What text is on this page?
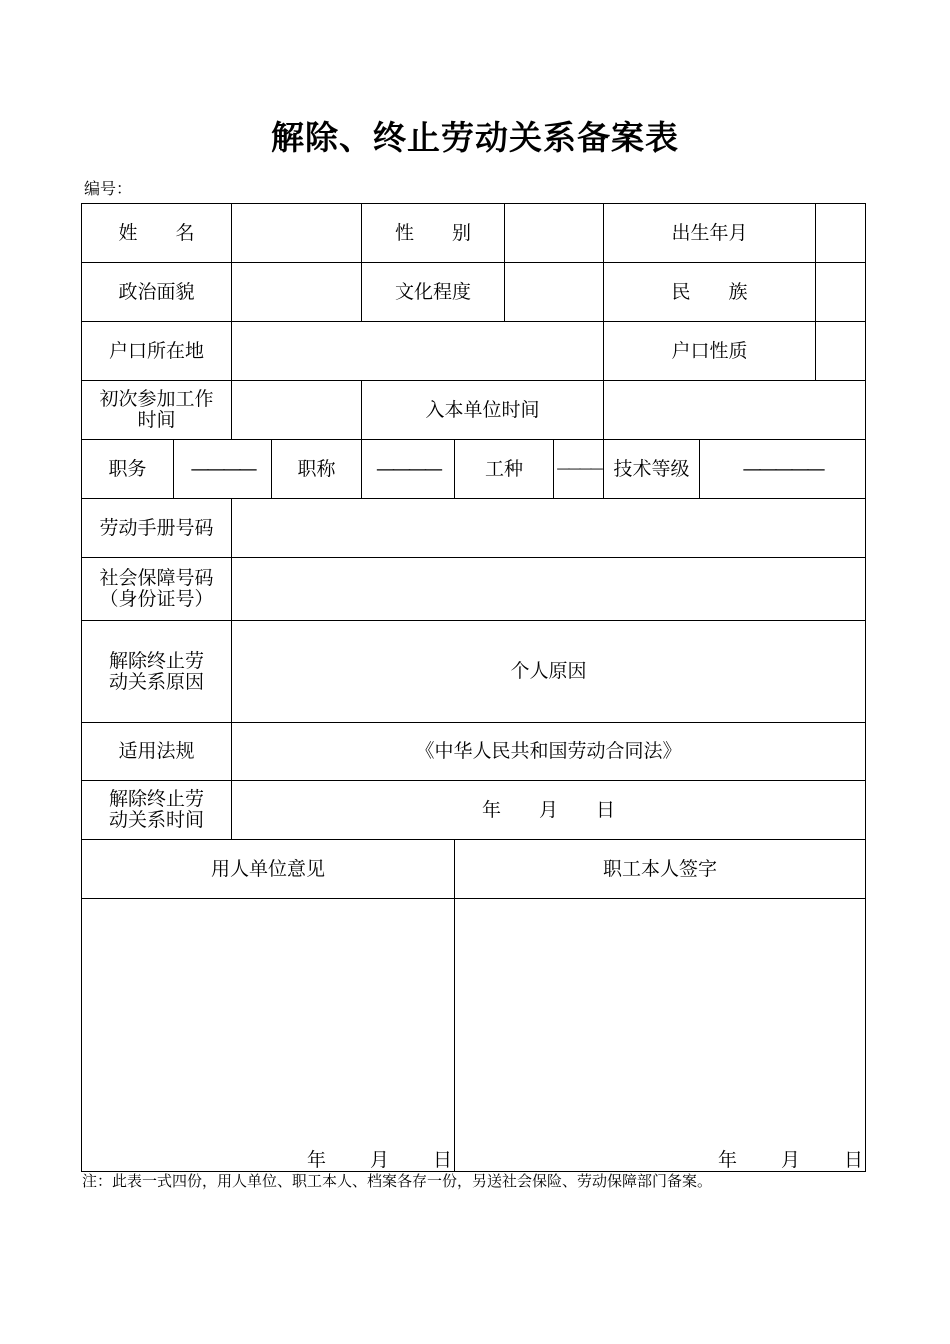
解除、终止劳动关系备案表
编号：
姓　　名				性　　别				出生年月		
政治面貌				文化程度				民　　族		
户口所在地								户口性质		

初次参加工作
时间				入本单位时间						
职务	————		职称	————	工种		————	技术等级	—————	
劳动手册号码										

社会保障号码
（身份证号）										

解除终止劳
动关系原因		个人原因								
适用法规		《中华人民共和国劳动合同法》								

解除终止劳
动关系时间		年　　月　　日								
用人单位意见					职工本人签字					
年 月 日					年 月 日					
注：此表一式四份，用人单位、职工本人、档案各存一份，另送社会保险、劳动保障部门备案。
